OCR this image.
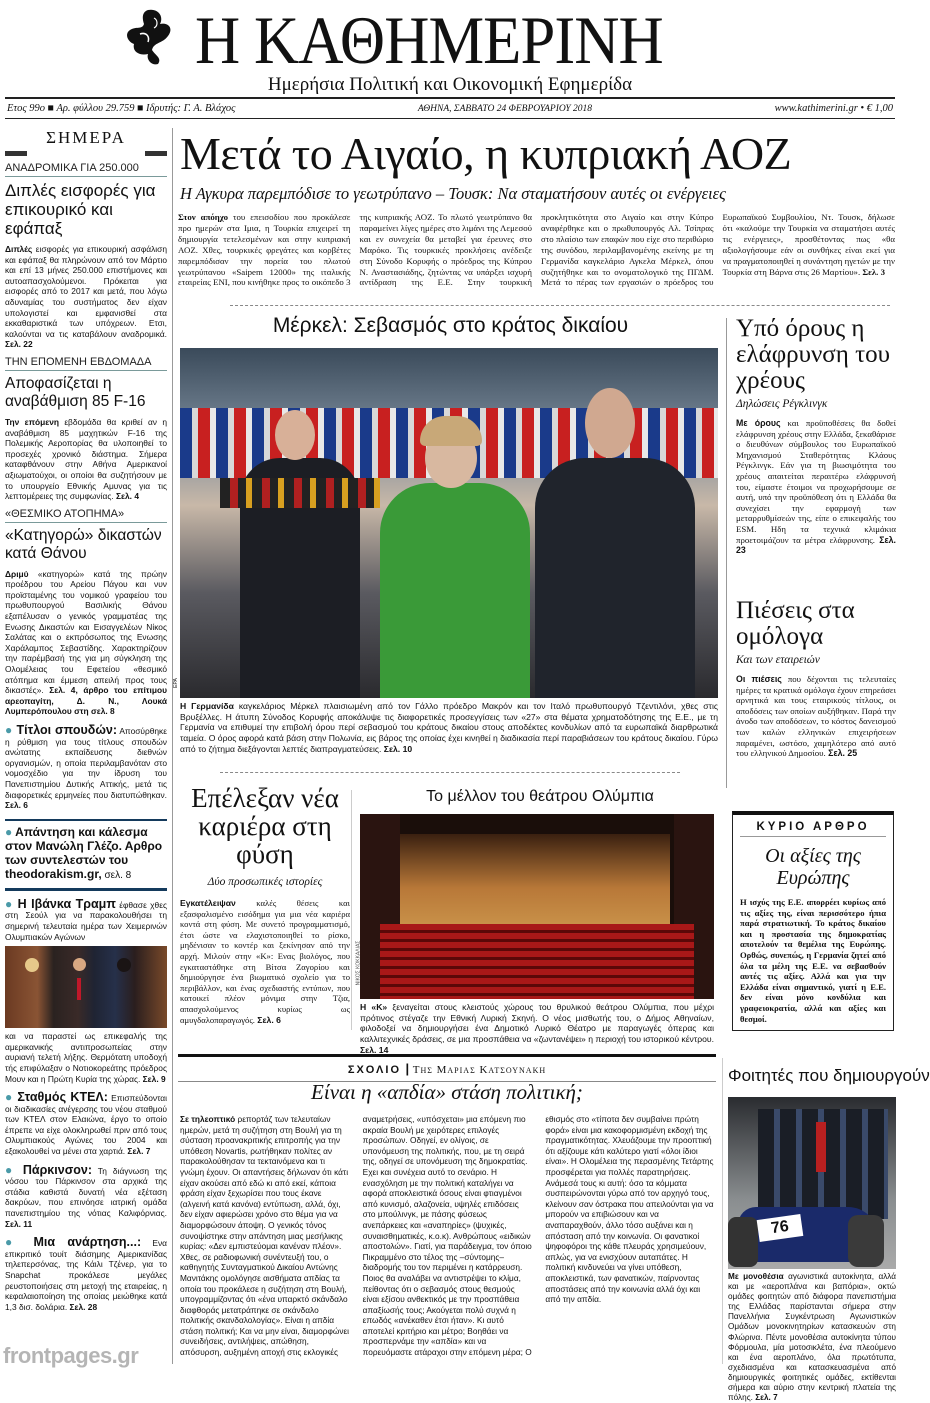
Η ΚΑΘΗΜΕΡΙΝΗ
Ημερήσια Πολιτική και Οικονομική Εφημερίδα
Ετος 99ο ■ Αρ. φύλλου 29.759 ■ Ιδρυτής: Γ. Α. Βλάχος	ΑΘΗΝΑ, ΣΑΒΒΑΤΟ 24 ΦΕΒΡΟΥΑΡΙΟΥ 2018	www.kathimerini.gr • € 1,00
ΣΗΜΕΡΑ
ΑΝΑΔΡΟΜΙΚΑ ΓΙΑ 250.000
Διπλές εισφορές για επικουρικό και εφάπαξ

Διπλές εισφορές για επικουρική ασφάλιση και εφάπαξ θα πληρώνουν από τον Μάρτιο και επί 13 μήνες 250.000 επιστήμονες και αυτοαπασχολούμενοι. Πρόκειται για εισφορές από το 2017 και μετά, που λόγω αδυναμίας του συστήματος δεν είχαν υπολογιστεί και εμφανισθεί στα εκκαθαριστικά των υπόχρεων. Ετσι, καλούνται να τις καταβάλουν αναδρομικά. Σελ. 22

ΤΗΝ ΕΠΟΜΕΝΗ ΕΒΔΟΜΑΔΑ
Αποφασίζεται η αναβάθμιση 85 F-16

Την επόμενη εβδομάδα θα κριθεί αν η αναβάθμιση 85 μαχητικών F-16 της Πολεμικής Αεροπορίας θα υλοποιηθεί το προσεχές χρονικό διάστημα. Σήμερα καταφθάνουν στην Αθήνα Αμερικανοί αξιωματούχοι, οι οποίοι θα συζητήσουν με το υπουργείο Εθνικής Αμυνας για τις λεπτομέρειες της συμφωνίας. Σελ. 4

«ΘΕΣΜΙΚΟ ΑΤΟΠΗΜΑ»
«Κατηγορώ» δικαστών κατά Θάνου

Δριμύ «κατηγορώ» κατά της πρώην προέδρου του Αρείου Πάγου και νυν προϊσταμένης του νομικού γραφείου του πρωθυπουργού Βασιλικής Θάνου εξαπέλυσαν ο γενικός γραμματέας της Ενωσης Δικαστών και Εισαγγελέων Νίκος Σαλάτας και ο εκπρόσωπος της Ενωσης Χαράλαμπος Σεβαστίδης. Χαρακτηρίζουν την παρέμβασή της για μη σύγκληση της Ολομέλειας του Εφετείου «θεσμικό ατόπημα και έμμεση απειλή προς τους δικαστές». Σελ. 4, άρθρο του επίτιμου αρεοπαγίτη, Δ. Ν., Λουκά Λυμπερόπουλου στη σελ. 8

● Τίτλοι σπουδών: Αποσύρθηκε η ρύθμιση για τους τίτλους σπουδών ανώτατης εκπαίδευσης διεθνών οργανισμών, η οποία περιλαμβανόταν στο νομοσχέδιο για την ίδρυση του Πανεπιστημίου Δυτικής Αττικής, μετά τις διαφορετικές ερμηνείες που διατυπώθηκαν. Σελ. 6

● Απάντηση και κάλεσμα στον Μανώλη Γλέζο. Αρθρο των συντελεστών του theodorakism.gr, σελ. 8

● Η Ιβάνκα Τραμπ έφθασε χθες στη Σεούλ για να παρακολουθήσει τη σημερινή τελευταία ημέρα των Χειμερινών Ολυμπιακών Αγώνων

και να παραστεί ως επικεφαλής της αμερικανικής αντιπροσωπείας στην αυριανή τελετή λήξης. Θερμότατη υποδοχή τής επιφύλαξαν ο Νοτιοκορεάτης πρόεδρος Μουν και η Πρώτη Κυρία της χώρας. Σελ. 9

● Σταθμός ΚΤΕΛ: Επισπεύδονται οι διαδικασίες ανέγερσης του νέου σταθμού των ΚΤΕΛ στον Ελαιώνα, έργο το οποίο έπρεπε να είχε ολοκληρωθεί πριν από τους Ολυμπιακούς Αγώνες του 2004 και εξακολουθεί να μένει στα χαρτιά. Σελ. 7

● Πάρκινσον: Τη διάγνωση της νόσου του Πάρκινσον στα αρχικά της στάδια καθιστά δυνατή νέα εξέταση δακρύων, που επινόησε ιατρική ομάδα πανεπιστημίου της νότιας Καλιφόρνιας. Σελ. 11

● Μια ανάρτηση...: Ενα επικριτικό τουίτ διάσημης Αμερικανίδας τηλεπερσόνας, της Κάιλι Τζένερ, για το Snapchat προκάλεσε μεγάλες ρευστοποιήσεις στη μετοχή της εταιρείας, η κεφαλαιοποίηση της οποίας μειώθηκε κατά 1,3 δισ. δολάρια. Σελ. 28

Μετά το Αιγαίο, η κυπριακή ΑΟΖ
Η Αγκυρα παρεμπόδισε το γεωτρύπανο – Τουσκ: Να σταματήσουν αυτές οι ενέργειες
Στον απόηχο του επεισοδίου που προκάλεσε προ ημερών στα Ιμια, η Τουρκία επιχειρεί τη δημιουργία τετελεσμένων και στην κυπριακή ΑΟΖ. Χθες, τουρκικές φρεγάτες και κορβέτες παρεμπόδισαν την πορεία του πλωτού γεωτρύπανου «Saipem 12000» της ιταλικής εταιρείας ENI, που κινήθηκε προς το οικόπεδο 3 της κυπριακής ΑΟΖ. Το πλωτό γεωτρύπανο θα παραμείνει λίγες ημέρες στο λιμάνι της Λεμεσού και εν συνεχεία θα μεταβεί για έρευνες στο Μαρόκο. Τις τουρκικές προκλήσεις ανέδειξε στη Σύνοδο Κορυφής ο πρόεδρος της Κύπρου Ν. Αναστασιάδης, ζητώντας να υπάρξει ισχυρή αντίδραση της Ε.Ε. Στην τουρκική προκλητικότητα στο Αιγαίο και στην Κύπρο αναφέρθηκε και ο πρωθυπουργός Αλ. Τσίπρας στο πλαίσιο των επαφών που είχε στο περιθώριο της συνόδου, περιλαμβανομένης εκείνης με τη Γερμανίδα καγκελάριο Αγκελα Μέρκελ, όπου συζητήθηκε και το ονοματολογικό της ΠΓΔΜ. Μετά το πέρας των εργασιών ο πρόεδρος του Ευρωπαϊκού Συμβουλίου, Ντ. Τουσκ, δήλωσε ότι «καλούμε την Τουρκία να σταματήσει αυτές τις ενέργειες», προσθέτοντας πως «θα αξιολογήσουμε εάν οι συνθήκες είναι εκεί για να πραγματοποιηθεί η συνάντηση ηγετών με την Τουρκία στη Βάρνα στις 26 Μαρτίου». Σελ. 3
Μέρκελ: Σεβασμός στο κράτος δικαίου
EPA

Η Γερμανίδα καγκελάριος Μέρκελ πλαισιωμένη από τον Γάλλο πρόεδρο Μακρόν και τον Ιταλό πρωθυπουργό Τζεντιλόνι, χθες στις Βρυξέλλες. Η άτυπη Σύνοδος Κορυφής αποκάλυψε τις διαφορετικές προσεγγίσεις των «27» στα θέματα χρηματοδότησης της Ε.Ε., με τη Γερμανία να επιθυμεί την επιβολή όρου περί σεβασμού του κράτους δικαίου στους αποδέκτες κονδυλίων από τα ευρωπαϊκά διαρθρωτικά ταμεία. Ο όρος αφορά κατά βάση στην Πολωνία, εις βάρος της οποίας έχει κινηθεί η διαδικασία περί παραβιάσεων του κράτους δικαίου. Γύρω από το ζήτημα διεξάγονται λεπτές διαπραγματεύσεις. Σελ. 10

Υπό όρους η ελάφρυνση του χρέους
Δηλώσεις Ρέγκλινγκ

Με όρους και προϋποθέσεις θα δοθεί ελάφρυνση χρέους στην Ελλάδα, ξεκαθάρισε ο διευθύνων σύμβουλος του Ευρωπαϊκού Μηχανισμού Σταθερότητας Κλάους Ρέγκλινγκ. Εάν για τη βιωσιμότητα του χρέους απαιτείται περαιτέρω ελάφρυνσή του, είμαστε έτοιμοι να προχωρήσουμε σε αυτή, υπό την προϋπόθεση ότι η Ελλάδα θα συνεχίσει την εφαρμογή των μεταρρυθμίσεών της, είπε ο επικεφαλής του ESM. Ηδη τα τεχνικά κλιμάκια προετοιμάζουν τα μέτρα ελάφρυνσης. Σελ. 23

Πιέσεις στα ομόλογα
Και των εταιρειών

Οι πιέσεις που δέχονται τις τελευταίες ημέρες τα κρατικά ομόλογα έχουν επηρεάσει αρνητικά και τους εταιρικούς τίτλους, οι αποδόσεις των οποίων αυξήθηκαν. Παρά την άνοδο των αποδόσεων, το κόστος δανεισμού των καλών ελληνικών επιχειρήσεων παραμένει, ωστόσο, χαμηλότερο από αυτό του ελληνικού Δημοσίου. Σελ. 25

ΚΥΡΙΟ ΑΡΘΡΟ
Οι αξίες της Ευρώπης

Η ισχύς της Ε.Ε. απορρέει κυρίως από τις αξίες της, είναι περισσότερο ήπια παρά στρατιωτική. Το κράτος δικαίου και η προστασία της δημοκρατίας αποτελούν τα θεμέλια της Ευρώπης. Ορθώς, συνεπώς, η Γερμανία ζητεί από όλα τα μέλη της Ε.Ε. να σεβασθούν αυτές τις αξίες. Αλλά και για την Ελλάδα είναι σημαντικό, γιατί η Ε.Ε. δεν είναι μόνο κονδύλια και γραφειοκρατία, αλλά και αξίες και θεσμοί.

Επέλεξαν νέα καριέρα στη φύση
Δύο προσωπικές ιστορίες

Εγκατέλειψαν καλές θέσεις και εξασφαλισμένο εισόδημα για μια νέα καριέρα κοντά στη φύση. Με συνετό προγραμματισμό, έτσι ώστε να ελαχιστοποιηθεί το ρίσκο, μηδένισαν το κοντέρ και ξεκίνησαν από την αρχή. Μιλούν στην «Κ»: Ενας βιολόγος, που εγκαταστάθηκε στη Βίτσα Ζαγορίου και δημιούργησε ένα βιωματικό σχολείο για το περιβάλλον, και ένας σχεδιαστής εντύπων, που κατοικεί πλέον μόνιμα στην Τζια, απασχολούμενος κυρίως ως αμυγδαλοπαραγωγός. Σελ. 6

Το μέλλον του θεάτρου Ολύμπια
ΝΙΚΟΣ ΚΟΚΚΑΛΙΑΣ

Η «Κ» ξεναγείται στους κλειστούς χώρους του θρυλικού θεάτρου Ολύμπια, που μέχρι πρότινος στέγαζε την Εθνική Λυρική Σκηνή. Ο νέος μισθωτής του, ο Δήμος Αθηναίων, φιλοδοξεί να δημιουργήσει ένα Δημοτικό Λυρικό Θέατρο με παραγωγές όπερας και καλλιτεχνικές δράσεις, σε μια προσπάθεια να «ζωντανέψει» η περιοχή του ιστορικού κέντρου. Σελ. 14

ΣΧΟΛΙΟ | Της Μαριας Κατσουνακη
Είναι η «απδία» στάση πολιτική;
Σε τηλεοπτικό ρεπορτάζ των τελευταίων ημερών, μετά τη συζήτηση στη Βουλή για τη σύσταση προανακριτικής επιτροπής για την υπόθεση Novartis, ρωτήθηκαν πολίτες αν παρακολούθησαν τα τεκταινόμενα και τι γνώμη έχουν. Οι απαντήσεις δήλωναν ότι κάτι είχαν ακούσει από εδώ κι από εκεί, κάποια φράση είχαν ξεχωρίσει που τους έκανε (αλγεινή κατά κανόνα) εντύπωση, αλλά, όχι, δεν είχαν αφιερώσει χρόνο στο θέμα για να διαμορφώσουν άποψη. Ο γενικός τόνος συνοψίστηκε στην απάντηση μιας μεσήλικης κυρίας: «Δεν εμπιστεύομαι κανέναν πλέον». Χθες, σε ραδιοφωνική συνέντευξή του, ο καθηγητής Συνταγματικού Δικαίου Αντώνης Μανιτάκης ομολόγησε αισθήματα απδίας τα οποία του προκάλεσε η συζήτηση στη Βουλή, υπογραμμίζοντας ότι «ένα υπαρκτό σκάνδαλο διαφθοράς μετατράπηκε σε σκάνδαλο πολιτικής σκανδαλολογίας». Είναι η απδία στάση πολιτική; Και να μην είναι, διαμορφώνει συνειδήσεις, αντιλήψεις, απώθηση, απόσυρση, αυξημένη αποχή στις εκλογικές αναμετρήσεις, «υπόσχεται» μια επόμενη πιο ακραία Βουλή με χειρότερες επιλογές προσώπων. Οδηγεί, εν ολίγοις, σε υπονόμευση της πολιτικής, που, με τη σειρά της, οδηγεί σε υπονόμευση της δημοκρατίας. Εχει και συνέχεια αυτό το σενάριο. Η ενασχόληση με την πολιτική καταλήγει να αφορά αποκλειστικά όσους είναι φτιαγμένοι από κυνισμό, αλαζονεία, υψηλές επιδόσεις στο μπούλινγκ, με πάσης φύσεως ανεπάρκειες και «αναπηρίες» (ψυχικές, συναισθηματικές, κ.ο.κ). Ανθρώπους «ειδικών αποστολών». Γιατί, για παράδειγμα, τον όποιο Πικραμμένο στο τέλος της –σύντομης– διαδρομής του τον περιμένει η κατάρρευση. Ποιος θα αναλάβει να αντιστρέψει το κλίμα, πείθοντας ότι ο σεβασμός στους θεσμούς είναι εξίσου ανθεκτικός με την προσπάθεια απαξίωσής τους; Ακούγεται πολύ συχνά η επωδός «ανέκαθεν έτσι ήταν». Κι αυτό αποτελεί κριτήριο και μέτρο; Βοηθάει να προσπερνάμε την «απδία» και να πορευόμαστε ατάραχοι στην επόμενη μέρα; Ο εθισμός στο «τίποτα δεν συμβαίνει πρώτη φορά» είναι μια κακοφορμισμένη εκδοχή της πραγματικότητας. Χλευάζουμε την προοπτική ότι αξίζουμε κάτι καλύτερο γιατί «όλοι ίδιοι είναι». Η Ολομέλεια της περασμένης Τετάρτης προσφέρεται για πολλές παρατηρήσεις. Ανάμεσά τους κι αυτή: όσο τα κόμματα συσπειρώνονται γύρω από τον αρχηγό τους, κλείνουν σαν όστρακα που απειλούνται για να μπορούν να επιβιώσουν και να αναπαραχθούν, άλλο τόσο αυξάνει και η απόσταση από την κοινωνία. Οι φανατικοί ψηφοφόροι της κάθε πλευράς χρησιμεύουν, απλώς, για να ενισχύουν αυταπάτες. Η πολιτική κινδυνεύει να γίνει υπόθεση, αποκλειστικά, των φανατικών, παίρνοντας αποστάσεις από την κοινωνία αλλά όχι και από την απδία.
Φοιτητές που δημιουργούν
76

Με μονοθέσια αγωνιστικά αυτοκίνητα, αλλά και με «αεροπλάνα και βαπόρια», οκτώ ομάδες φοιτητών από διάφορα πανεπιστήμια της Ελλάδας παρίστανται σήμερα στην Πανελλήνια Συγκέντρωση Αγωνιστικών Ομάδων μονοκινητηρίων κατασκευών στη Φλώρινα. Πέντε μονοθέσια αυτοκίνητα τύπου Φόρμουλα, μία μοτοσικλέτα, ένα πλεούμενο και ένα αεροπλάνο, όλα πρωτότυπα, σχεδιασμένα και κατασκευασμένα από δημιουργικές φοιτητικές ομάδες, εκτίθενται σήμερα και αύριο στην κεντρική πλατεία της πόλης. Σελ. 7

frontpages.gr
